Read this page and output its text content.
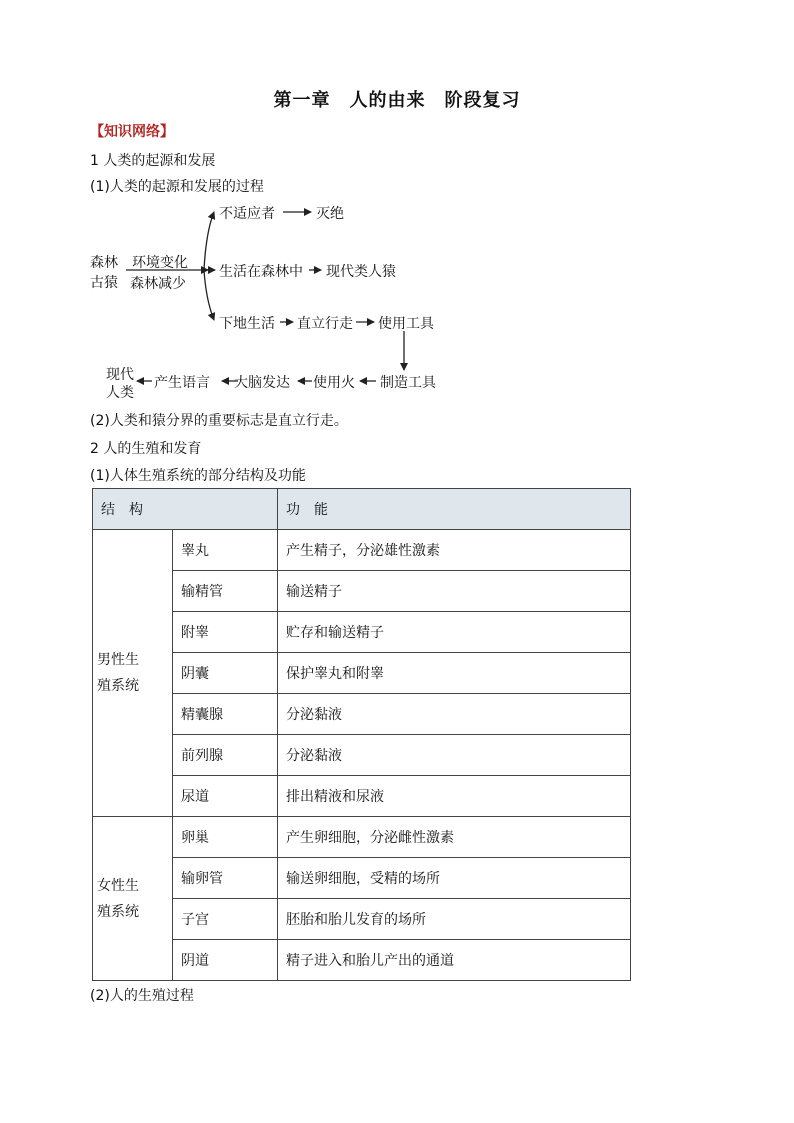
第一章　人的由来　阶段复习
【知识网络】
1 人类的起源和发展
(1)人类的起源和发展的过程
森林
古猿
环境变化
森林减少
不适应者	灭绝
生活在森林中 现代类人猿
下地生活 直立行走 使用工具
制造工具
使用火
大脑发达
产生语言
现代
人类
(2)人类和猿分界的重要标志是直立行走。
2 人的生殖和发育
(1)人体生殖系统的部分结构及功能
结　构		功　能

男性生
殖系统	睾丸	产生精子，分泌雄性激素
	输精管	输送精子
	附睾	贮存和输送精子
	阴囊	保护睾丸和附睾
	精囊腺	分泌黏液
	前列腺	分泌黏液
	尿道	排出精液和尿液

女性生
殖系统	卵巢	产生卵细胞，分泌雌性激素
	输卵管	输送卵细胞，受精的场所
	子宫	胚胎和胎儿发育的场所
	阴道	精子进入和胎儿产出的通道
(2)人的生殖过程
